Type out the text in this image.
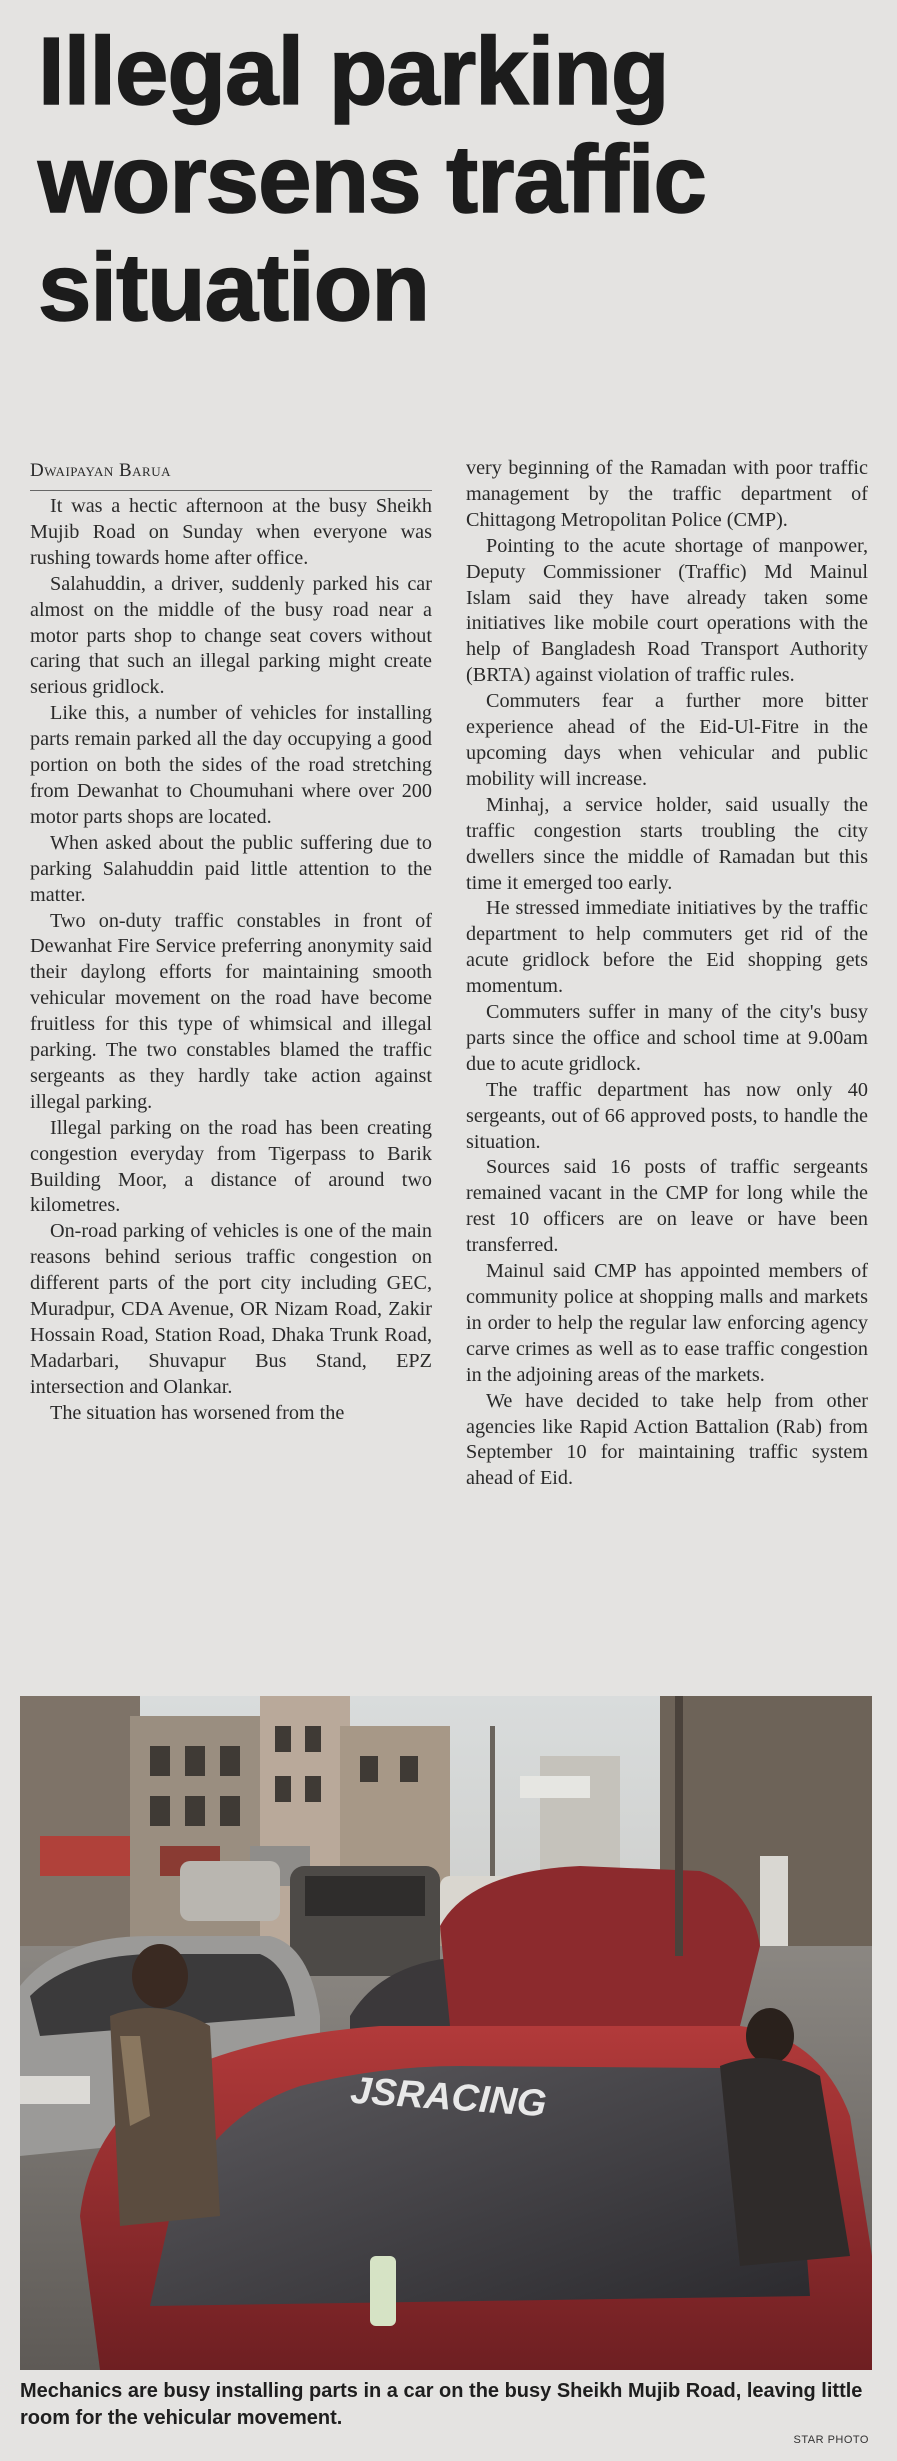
Illegal parking
worsens traffic
situation
Dwaipayan Barua

It was a hectic afternoon at the busy Sheikh Mujib Road on Sunday when everyone was rushing towards home after office.

Salahuddin, a driver, suddenly parked his car almost on the middle of the busy road near a motor parts shop to change seat covers without caring that such an illegal parking might create serious gridlock.

Like this, a number of vehicles for installing parts remain parked all the day occupying a good portion on both the sides of the road stretching from Dewanhat to Choumuhani where over 200 motor parts shops are located.

When asked about the public suffering due to parking Salahuddin paid little attention to the matter.

Two on-duty traffic constables in front of Dewanhat Fire Service preferring anonymity said their daylong efforts for maintaining smooth vehicular movement on the road have become fruitless for this type of whimsical and illegal parking. The two constables blamed the traffic sergeants as they hardly take action against illegal parking.

Illegal parking on the road has been creating congestion everyday from Tigerpass to Barik Building Moor, a distance of around two kilometres.

On-road parking of vehicles is one of the main reasons behind serious traffic congestion on different parts of the port city including GEC, Muradpur, CDA Avenue, OR Nizam Road, Zakir Hossain Road, Station Road, Dhaka Trunk Road, Madarbari, Shuvapur Bus Stand, EPZ intersection and Olankar.

The situation has worsened from the

very beginning of the Ramadan with poor traffic management by the traffic department of Chittagong Metropolitan Police (CMP).

Pointing to the acute shortage of manpower, Deputy Commissioner (Traffic) Md Mainul Islam said they have already taken some initiatives like mobile court operations with the help of Bangladesh Road Transport Authority (BRTA) against violation of traffic rules.

Commuters fear a further more bitter experience ahead of the Eid-Ul-Fitre in the upcoming days when vehicular and public mobility will increase.

Minhaj, a service holder, said usually the traffic congestion starts troubling the city dwellers since the middle of Ramadan but this time it emerged too early.

He stressed immediate initiatives by the traffic department to help commuters get rid of the acute gridlock before the Eid shopping gets momentum.

Commuters suffer in many of the city's busy parts since the office and school time at 9.00am due to acute gridlock.

The traffic department has now only 40 sergeants, out of 66 approved posts, to handle the situation.

Sources said 16 posts of traffic sergeants remained vacant in the CMP for long while the rest 10 officers are on leave or have been transferred.

Mainul said CMP has appointed members of community police at shopping malls and markets in order to help the regular law enforcing agency carve crimes as well as to ease traffic congestion in the adjoining areas of the markets.

We have decided to take help from other agencies like Rapid Action Battalion (Rab) from September 10 for maintaining traffic system ahead of Eid.

JSRACING
Mechanics are busy installing parts in a car on the busy Sheikh Mujib Road, leaving little room for the vehicular movement.
STAR PHOTO
